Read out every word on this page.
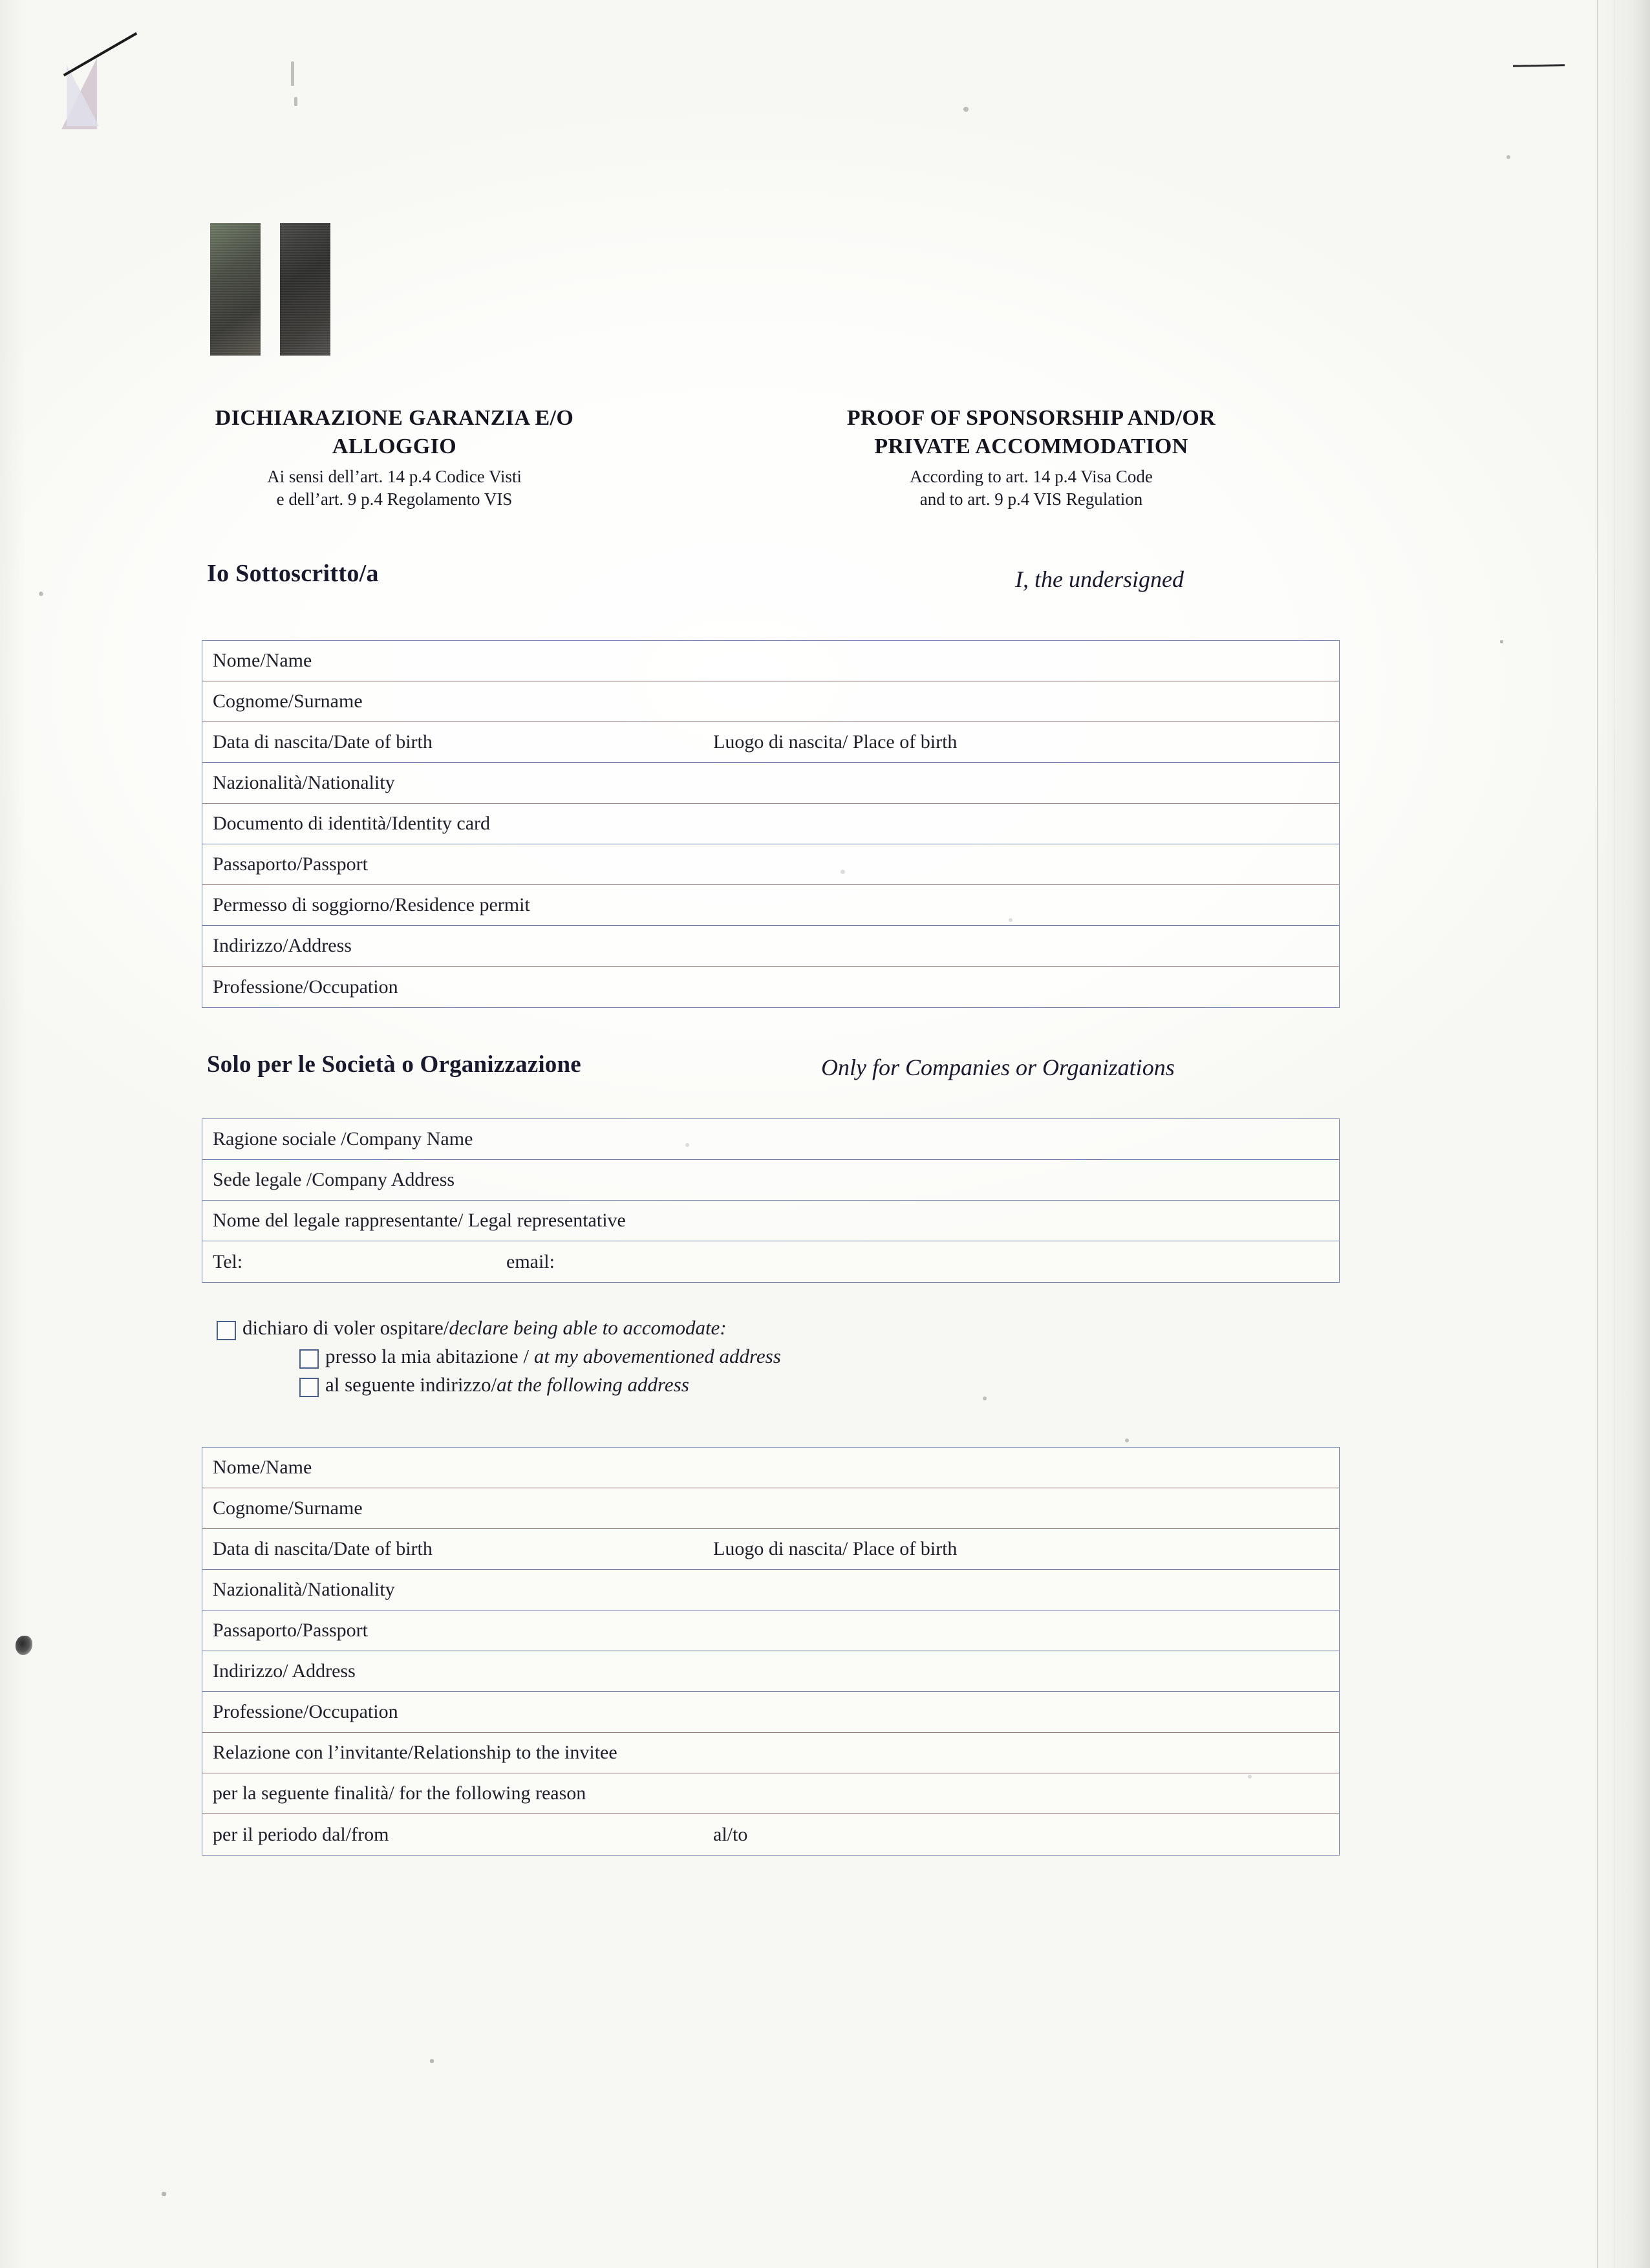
DICHIARAZIONE GARANZIA E/O
ALLOGGIO
Ai sensi dell’art. 14 p.4 Codice Visti
e dell’art. 9 p.4 Regolamento VIS
PROOF OF SPONSORSHIP AND/OR
PRIVATE ACCOMMODATION
According to art. 14 p.4 Visa Code
and to art. 9 p.4 VIS Regulation
Io Sottoscritto/a	I, the undersigned
Nome/Name
Cognome/Surname
Data di nascita/Date of birth	Luogo di nascita/ Place of birth
Nazionalità/Nationality
Documento di identità/Identity card
Passaporto/Passport
Permesso di soggiorno/Residence permit
Indirizzo/Address
Professione/Occupation
Solo per le Società o Organizzazione	Only for Companies or Organizations
Ragione sociale /Company Name
Sede legale /Company Address
Nome del legale rappresentante/ Legal representative
Tel:	email:
dichiaro di voler ospitare/declare being able to accomodate:
presso la mia abitazione / at my abovementioned address
al seguente indirizzo/at the following address
Nome/Name
Cognome/Surname
Data di nascita/Date of birth	Luogo di nascita/ Place of birth
Nazionalità/Nationality
Passaporto/Passport
Indirizzo/ Address
Professione/Occupation
Relazione con l’invitante/Relationship to the invitee
per la seguente finalità/ for the following reason
per il periodo dal/from	al/to
